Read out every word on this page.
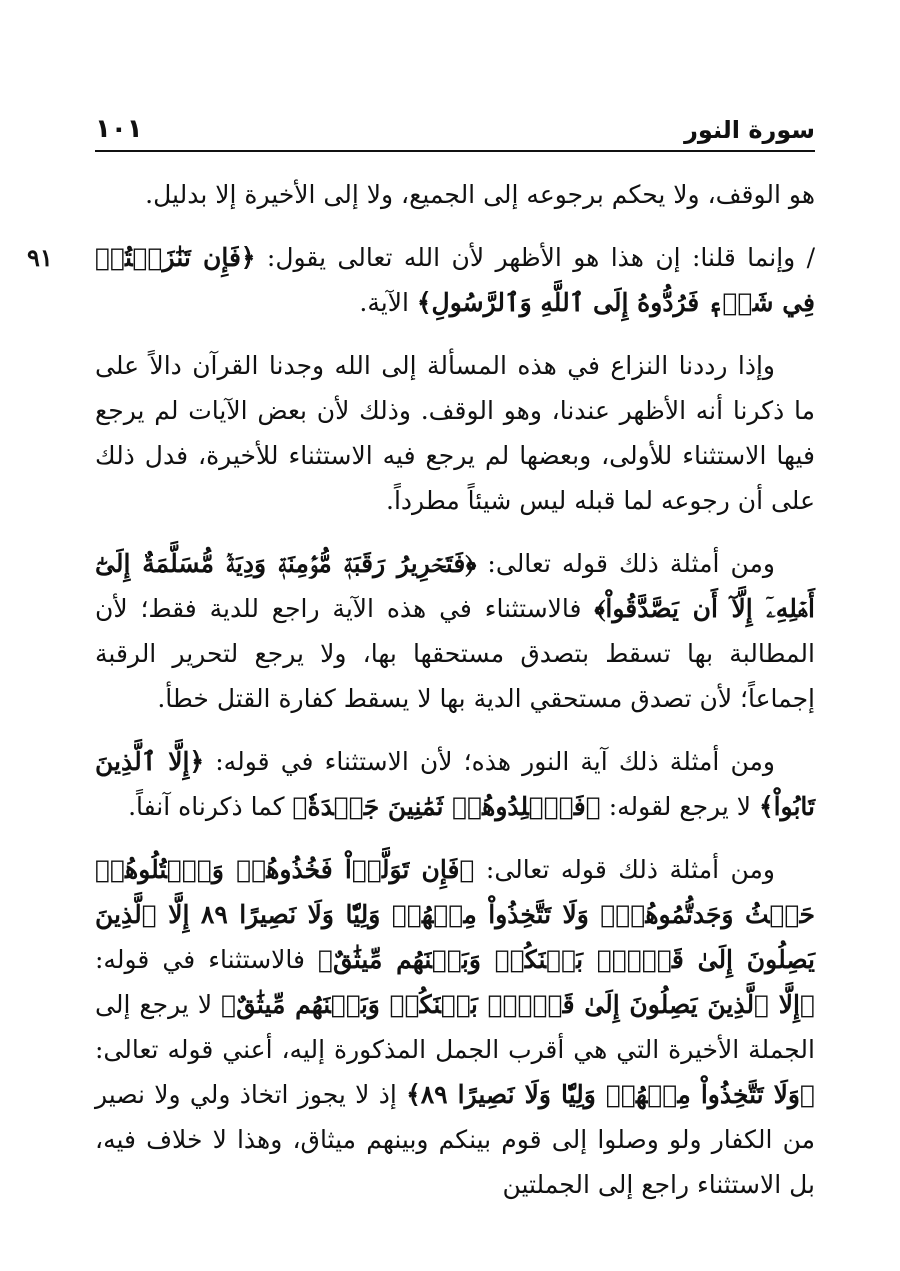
سورة النور
١٠١

هو الوقف، ولا يحكم برجوعه إلى الجميع، ولا إلى الأخيرة إلا بدليل.

٩١	/ وإنما قلنا: إن هذا هو الأظهر لأن الله تعالى يقول: ﴿فَإِن تَنَٰزَعۡتُمۡ فِي شَيۡءٖ فَرُدُّوهُ إِلَى ٱللَّهِ وَٱلرَّسُولِ﴾ الآية.

وإذا رددنا النزاع في هذه المسألة إلى الله وجدنا القرآن دالاً على ما ذكرنا أنه الأظهر عندنا، وهو الوقف. وذلك لأن بعض الآيات لم يرجع فيها الاستثناء للأولى، وبعضها لم يرجع فيه الاستثناء للأخيرة، فدل ذلك على أن رجوعه لما قبله ليس شيئاً مطرداً.

ومن أمثلة ذلك قوله تعالى: ﴿فَتَحۡرِيرُ رَقَبَةٖ مُّؤۡمِنَةٖ وَدِيَةٞ مُّسَلَّمَةٌ إِلَىٰٓ أَهۡلِهِۦٓ إِلَّآ أَن يَصَّدَّقُواْ﴾ فالاستثناء في هذه الآية راجع للدية فقط؛ لأن المطالبة بها تسقط بتصدق مستحقها بها، ولا يرجع لتحرير الرقبة إجماعاً؛ لأن تصدق مستحقي الدية بها لا يسقط كفارة القتل خطأ.

ومن أمثلة ذلك آية النور هذه؛ لأن الاستثناء في قوله: ﴿إِلَّا ٱلَّذِينَ تَابُواْ﴾ لا يرجع لقوله: ﴿فَٱجۡلِدُوهُمۡ ثَمَٰنِينَ جَلۡدَةٗ﴾ كما ذكرناه آنفاً.

ومن أمثلة ذلك قوله تعالى: ﴿فَإِن تَوَلَّوۡاْ فَخُذُوهُمۡ وَٱقۡتُلُوهُمۡ حَيۡثُ وَجَدتُّمُوهُمۡۖ وَلَا تَتَّخِذُواْ مِنۡهُمۡ وَلِيّٗا وَلَا نَصِيرًا ٨٩ إِلَّا ٱلَّذِينَ يَصِلُونَ إِلَىٰ قَوۡمِۭ بَيۡنَكُمۡ وَبَيۡنَهُم مِّيثَٰقٌ﴾ فالاستثناء في قوله: ﴿إِلَّا ٱلَّذِينَ يَصِلُونَ إِلَىٰ قَوۡمِۭ بَيۡنَكُمۡ وَبَيۡنَهُم مِّيثَٰقٌ﴾ لا يرجع إلى الجملة الأخيرة التي هي أقرب الجمل المذكورة إليه، أعني قوله تعالى: ﴿وَلَا تَتَّخِذُواْ مِنۡهُمۡ وَلِيّٗا وَلَا نَصِيرًا ٨٩﴾ إذ لا يجوز اتخاذ ولي ولا نصير من الكفار ولو وصلوا إلى قوم بينكم وبينهم ميثاق، وهذا لا خلاف فيه، بل الاستثناء راجع إلى الجملتين
